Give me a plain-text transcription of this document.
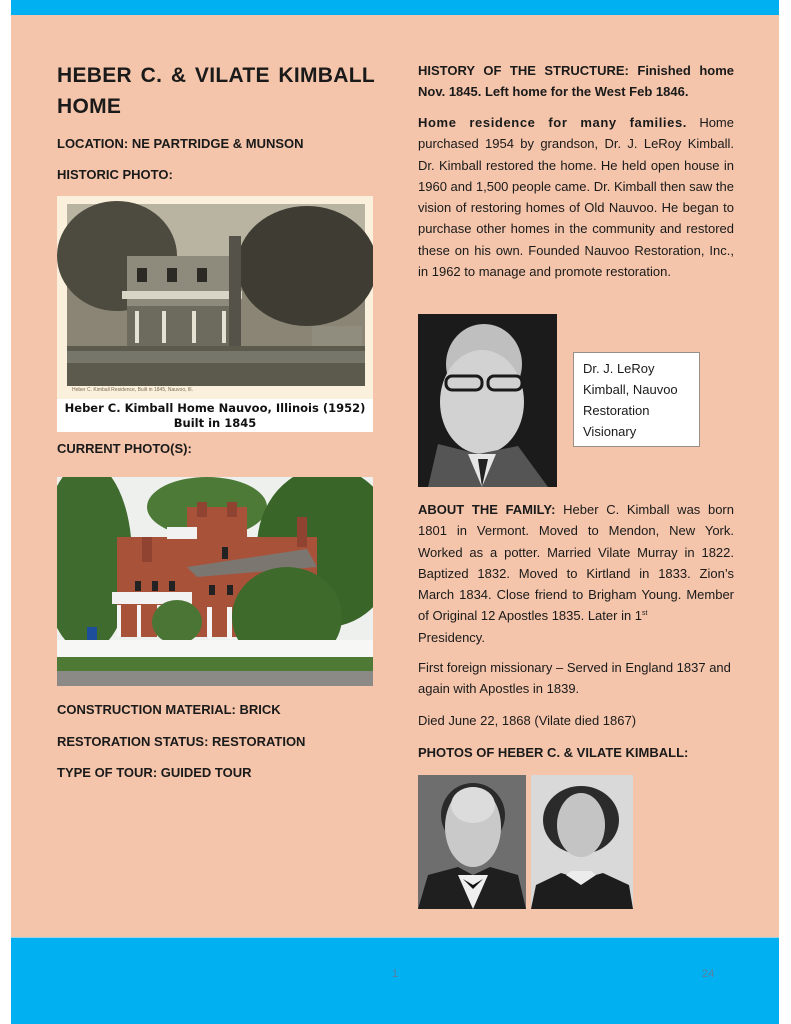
HEBER C. & VILATE KIMBALL HOME
LOCATION: NE PARTRIDGE & MUNSON
HISTORIC PHOTO:
Heber C. Kimball Residence, Built in 1845, Nauvoo, Ill.
Heber C. Kimball Home Nauvoo, Illinois (1952)
Built in 1845
CURRENT PHOTO(S):
CONSTRUCTION MATERIAL: BRICK
RESTORATION STATUS: RESTORATION
TYPE OF TOUR: GUIDED TOUR
HISTORY OF THE STRUCTURE: Finished home Nov. 1845. Left home for the West Feb 1846.
Home residence for many families. Home purchased 1954 by grandson, Dr. J. LeRoy Kimball. Dr. Kimball restored the home. He held open house in 1960 and 1,500 people came. Dr. Kimball then saw the vision of restoring homes of Old Nauvoo. He began to purchase other homes in the community and restored these on his own. Founded Nauvoo Restoration, Inc., in 1962 to manage and promote restoration.
Dr. J. LeRoy
Kimball, Nauvoo
Restoration
Visionary
ABOUT THE FAMILY: Heber C. Kimball was born 1801 in Vermont. Moved to Mendon, New York. Worked as a potter. Married Vilate Murray in 1822. Baptized 1832. Moved to Kirtland in 1833. Zion’s March 1834. Close friend to Brigham Young. Member of Original 12 Apostles 1835. Later in 1st
Presidency.
First foreign missionary – Served in England 1837 and again with Apostles in 1839.
Died June 22, 1868 (Vilate died 1867)
PHOTOS OF HEBER C. & VILATE KIMBALL:
1	24
